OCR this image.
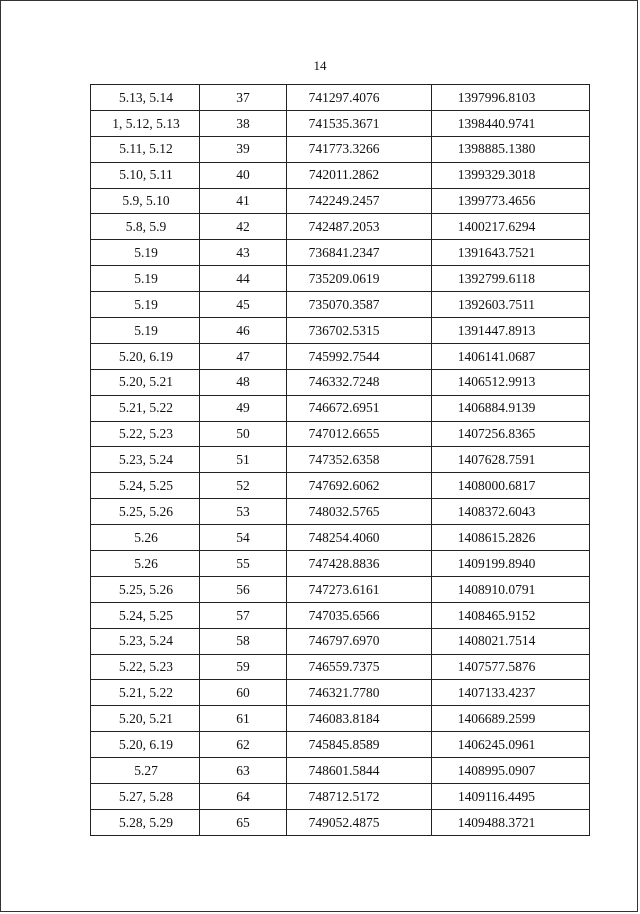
14
5.13, 5.14	37	741297.4076	1397996.8103
1, 5.12, 5.13	38	741535.3671	1398440.9741
5.11, 5.12	39	741773.3266	1398885.1380
5.10, 5.11	40	742011.2862	1399329.3018
5.9, 5.10	41	742249.2457	1399773.4656
5.8, 5.9	42	742487.2053	1400217.6294
5.19	43	736841.2347	1391643.7521
5.19	44	735209.0619	1392799.6118
5.19	45	735070.3587	1392603.7511
5.19	46	736702.5315	1391447.8913
5.20, 6.19	47	745992.7544	1406141.0687
5.20, 5.21	48	746332.7248	1406512.9913
5.21, 5.22	49	746672.6951	1406884.9139
5.22, 5.23	50	747012.6655	1407256.8365
5.23, 5.24	51	747352.6358	1407628.7591
5.24, 5.25	52	747692.6062	1408000.6817
5.25, 5.26	53	748032.5765	1408372.6043
5.26	54	748254.4060	1408615.2826
5.26	55	747428.8836	1409199.8940
5.25, 5.26	56	747273.6161	1408910.0791
5.24, 5.25	57	747035.6566	1408465.9152
5.23, 5.24	58	746797.6970	1408021.7514
5.22, 5.23	59	746559.7375	1407577.5876
5.21, 5.22	60	746321.7780	1407133.4237
5.20, 5.21	61	746083.8184	1406689.2599
5.20, 6.19	62	745845.8589	1406245.0961
5.27	63	748601.5844	1408995.0907
5.27, 5.28	64	748712.5172	1409116.4495
5.28, 5.29	65	749052.4875	1409488.3721
